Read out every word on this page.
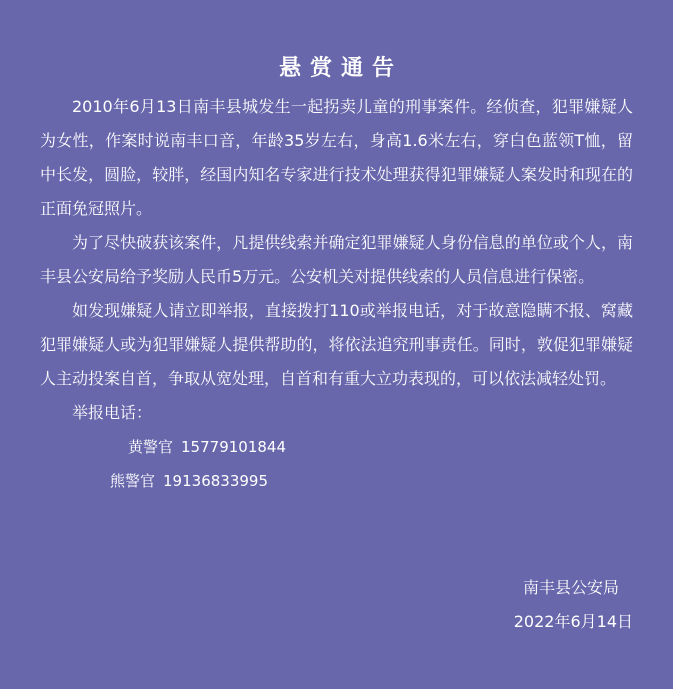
悬赏通告

2010年6月13日南丰县城发生一起拐卖儿童的刑事案件。经侦查，犯罪嫌疑人为女性，作案时说南丰口音，年龄35岁左右，身高1.6米左右，穿白色蓝领T恤，留中长发，圆脸，较胖，经国内知名专家进行技术处理获得犯罪嫌疑人案发时和现在的正面免冠照片。

为了尽快破获该案件，凡提供线索并确定犯罪嫌疑人身份信息的单位或个人，南丰县公安局给予奖励人民币5万元。公安机关对提供线索的人员信息进行保密。

如发现嫌疑人请立即举报，直接拨打110或举报电话，对于故意隐瞒不报、窝藏犯罪嫌疑人或为犯罪嫌疑人提供帮助的，将依法追究刑事责任。同时，敦促犯罪嫌疑人主动投案自首，争取从宽处理，自首和有重大立功表现的，可以依法减轻处罚。

举报电话：

黄警官 15779101844

熊警官 19136833995

南丰县公安局
2022年6月14日
